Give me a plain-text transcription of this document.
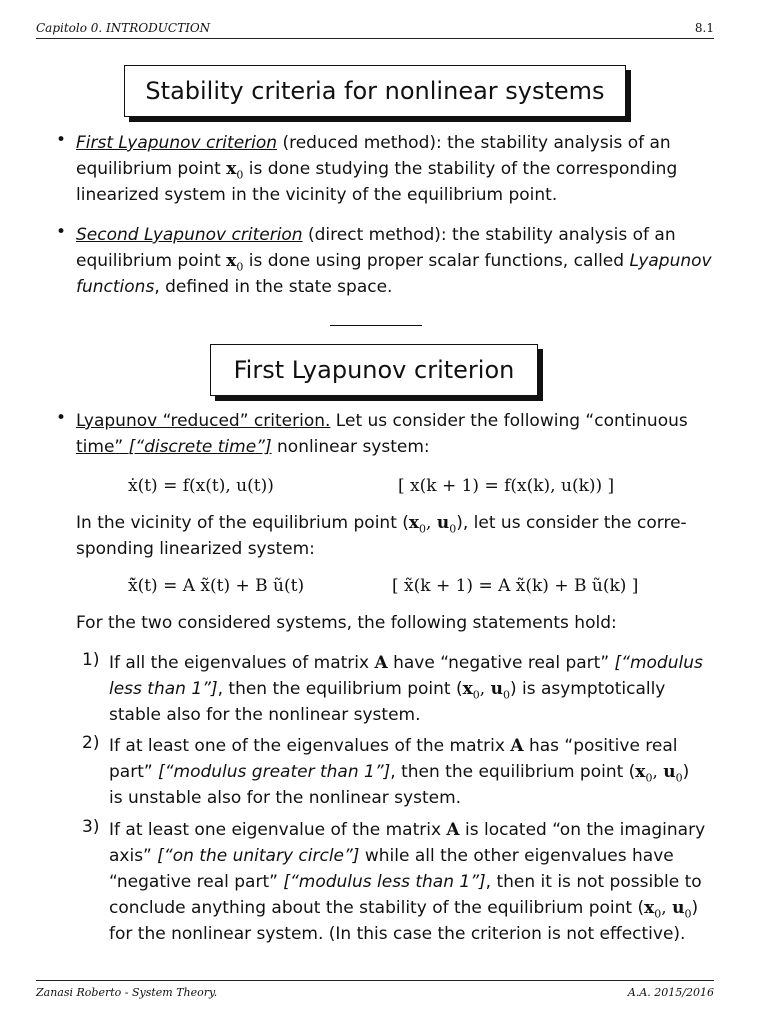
Capitolo 0. INTRODUCTION	8.1
Stability criteria for nonlinear systems
• First Lyapunov criterion (reduced method): the stability analysis of an
equilibrium point $x_0$ is done studying the stability of the corresponding
linearized system in the vicinity of the equilibrium point.
• Second Lyapunov criterion (direct method): the stability analysis of an
equilibrium point $x_0$ is done using proper scalar functions, called Lyapunov
functions, defined in the state space.
First Lyapunov criterion
• Lyapunov “reduced” criterion. Let us consider the following “continuous
time” [“discrete time”] nonlinear system:
ẋ(t) = f(x(t), u(t))	[ x(k + 1) = f(x(k), u(k)) ]
In the vicinity of the equilibrium point ($x_0$, $u_0$), let us consider the corre-
sponding linearized system:
x̃̇(t) = A x̃(t) + B ũ(t)	[ x̃(k + 1) = A x̃(k) + B ũ(k) ]
For the two considered systems, the following statements hold:
1) If all the eigenvalues of matrix A have “negative real part” [“modulus
less than 1”], then the equilibrium point ($x_0$, $u_0$) is asymptotically
stable also for the nonlinear system.
2) If at least one of the eigenvalues of the matrix A has “positive real
part” [“modulus greater than 1”], then the equilibrium point ($x_0$, $u_0$)
is unstable also for the nonlinear system.
3) If at least one eigenvalue of the matrix A is located “on the imaginary
axis” [“on the unitary circle”] while all the other eigenvalues have
“negative real part” [“modulus less than 1”], then it is not possible to
conclude anything about the stability of the equilibrium point ($x_0$, $u_0$)
for the nonlinear system. (In this case the criterion is not effective).
Zanasi Roberto - System Theory.	A.A. 2015/2016
